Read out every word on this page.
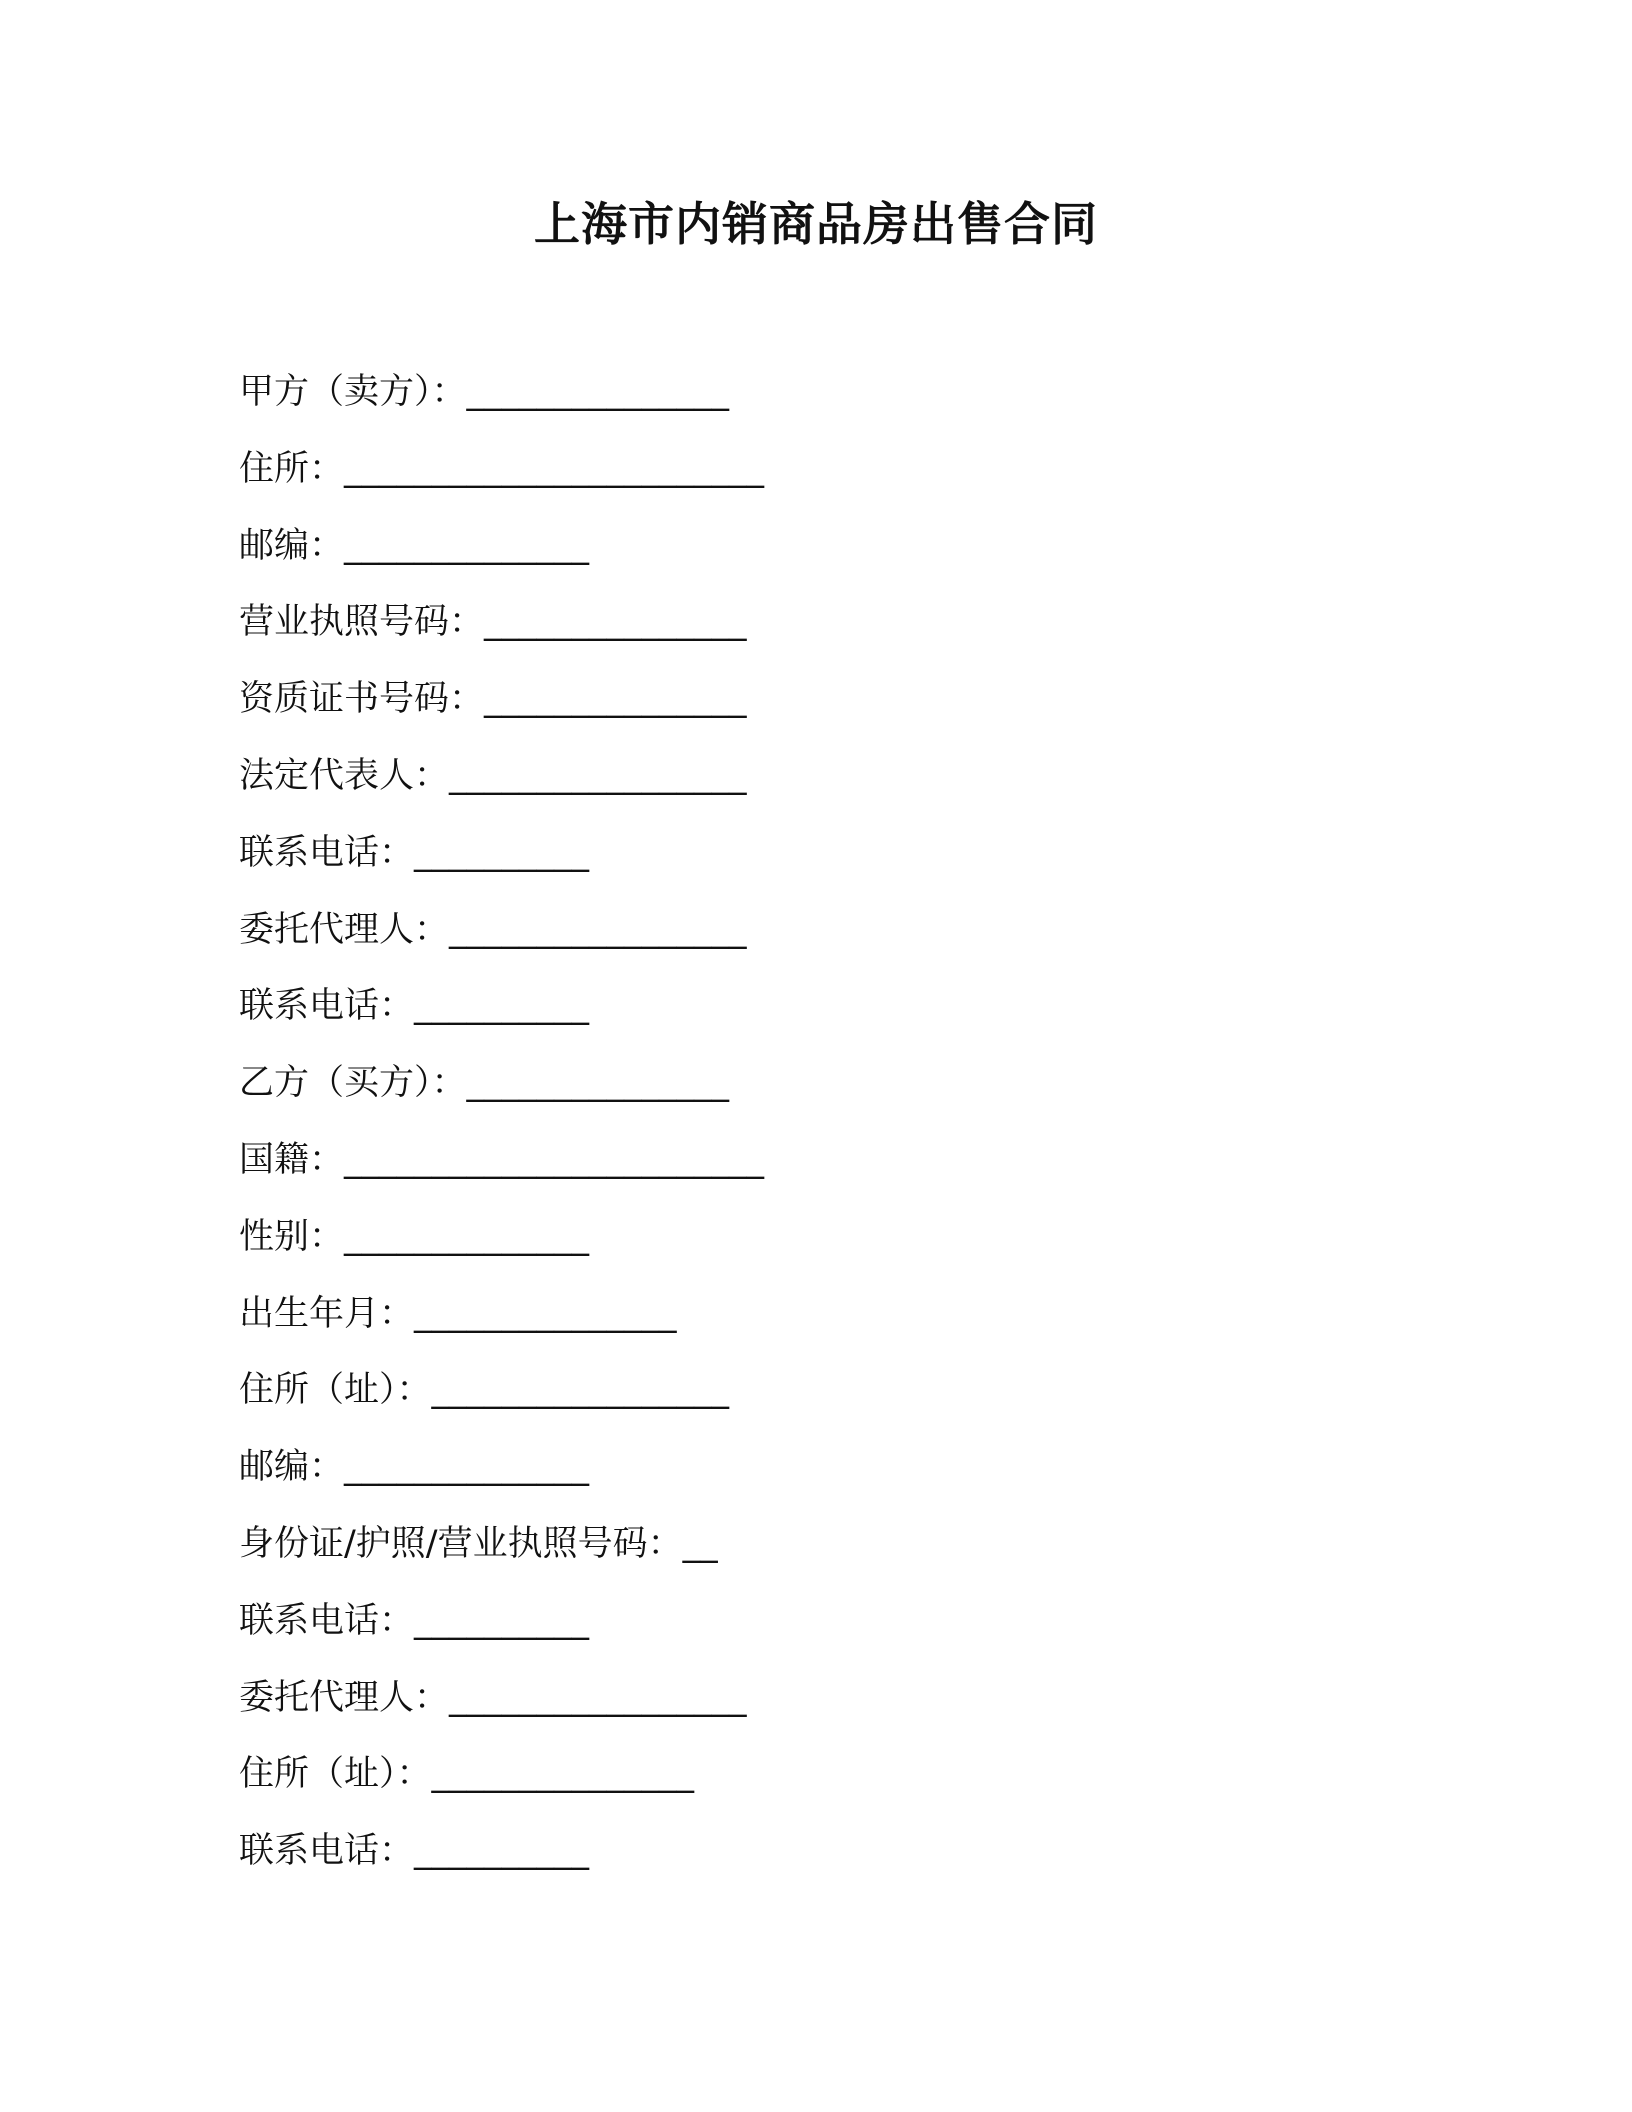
上海市内销商品房出售合同
甲方（卖方）：_______________
住所：________________________
邮编：______________
营业执照号码：_______________
资质证书号码：_______________
法定代表人：_________________
联系电话：__________
委托代理人：_________________
联系电话：__________
乙方（买方）：_______________
国籍：________________________
性别：______________
出生年月：_______________
住所（址）：_________________
邮编：______________
身份证/护照/营业执照号码：__
联系电话：__________
委托代理人：_________________
住所（址）：_______________
联系电话：__________
